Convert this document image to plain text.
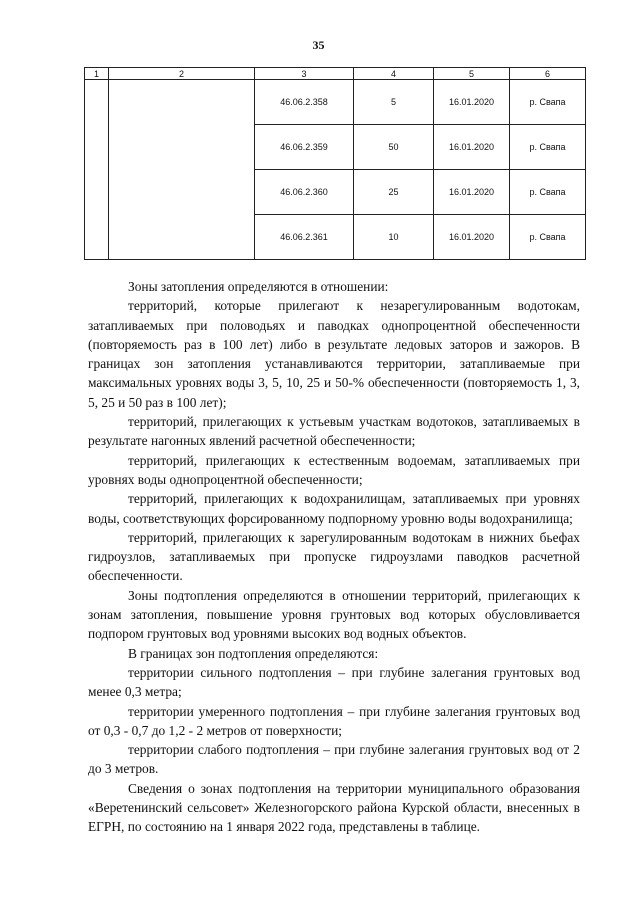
35
1	2	3	4	5	6
		46.06.2.358	5	16.01.2020	р. Свапа
		46.06.2.359	50	16.01.2020	р. Свапа
		46.06.2.360	25	16.01.2020	р. Свапа
		46.06.2.361	10	16.01.2020	р. Свапа

Зоны затопления определяются в отношении:

территорий, которые прилегают к незарегулированным водотокам, затапливаемых при половодьях и паводках однопроцентной обеспеченности (повторяемость раз в 100 лет) либо в результате ледовых заторов и зажоров. В границах зон затопления устанавливаются территории, затапливаемые при максимальных уровнях воды 3, 5, 10, 25 и 50-% обеспеченности (повторяемость 1, 3, 5, 25 и 50 раз в 100 лет);

территорий, прилегающих к устьевым участкам водотоков, затапливаемых в результате нагонных явлений расчетной обеспеченности;

территорий, прилегающих к естественным водоемам, затапливаемых при уровнях воды однопроцентной обеспеченности;

территорий, прилегающих к водохранилищам, затапливаемых при уровнях воды, соответствующих форсированному подпорному уровню воды водохранилища;

территорий, прилегающих к зарегулированным водотокам в нижних бьефах гидроузлов, затапливаемых при пропуске гидроузлами паводков расчетной обеспеченности.

Зоны подтопления определяются в отношении территорий, прилегающих к зонам затопления, повышение уровня грунтовых вод которых обусловливается подпором грунтовых вод уровнями высоких вод водных объектов.

В границах зон подтопления определяются:

территории сильного подтопления – при глубине залегания грунтовых вод менее 0,3 метра;

территории умеренного подтопления – при глубине залегания грунтовых вод от 0,3 - 0,7 до 1,2 - 2 метров от поверхности;

территории слабого подтопления – при глубине залегания грунтовых вод от 2 до 3 метров.

Сведения о зонах подтопления на территории муниципального образования «Веретенинский сельсовет» Железногорского района Курской области, внесенных в ЕГРН, по состоянию на 1 января 2022 года, представлены в таблице.
